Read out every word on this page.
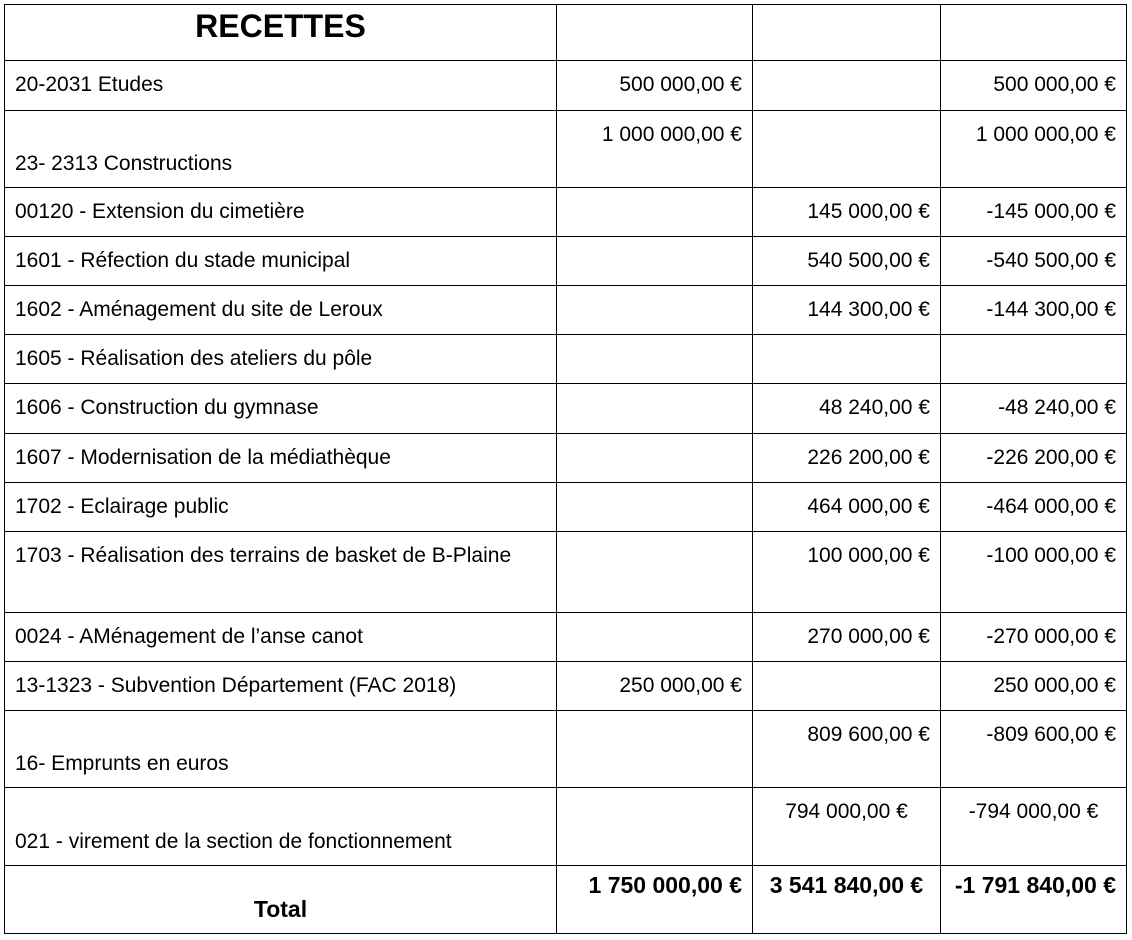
RECETTES			
20-2031 Etudes	500 000,00 €		500 000,00 €
23- 2313 Constructions	1 000 000,00 €		1 000 000,00 €
00120 - Extension du cimetière		145 000,00 €	-145 000,00 €
1601 - Réfection du stade municipal		540 500,00 €	-540 500,00 €
1602 - Aménagement du site de Leroux		144 300,00 €	-144 300,00 €
1605 - Réalisation des ateliers du pôle			
1606 - Construction du gymnase		48 240,00 €	-48 240,00 €
1607 - Modernisation de la médiathèque		226 200,00 €	-226 200,00 €
1702 - Eclairage public		464 000,00 €	-464 000,00 €
1703 - Réalisation des terrains de basket de B-Plaine		100 000,00 €	-100 000,00 €
0024 - AMénagement de l’anse canot		270 000,00 €	-270 000,00 €
13-1323 - Subvention Département (FAC 2018)	250 000,00 €		250 000,00 €
16- Emprunts en euros		809 600,00 €	-809 600,00 €
021 - virement de la section de fonctionnement		794 000,00 €	-794 000,00 €
Total	1 750 000,00 €	3 541 840,00 €	-1 791 840,00 €
